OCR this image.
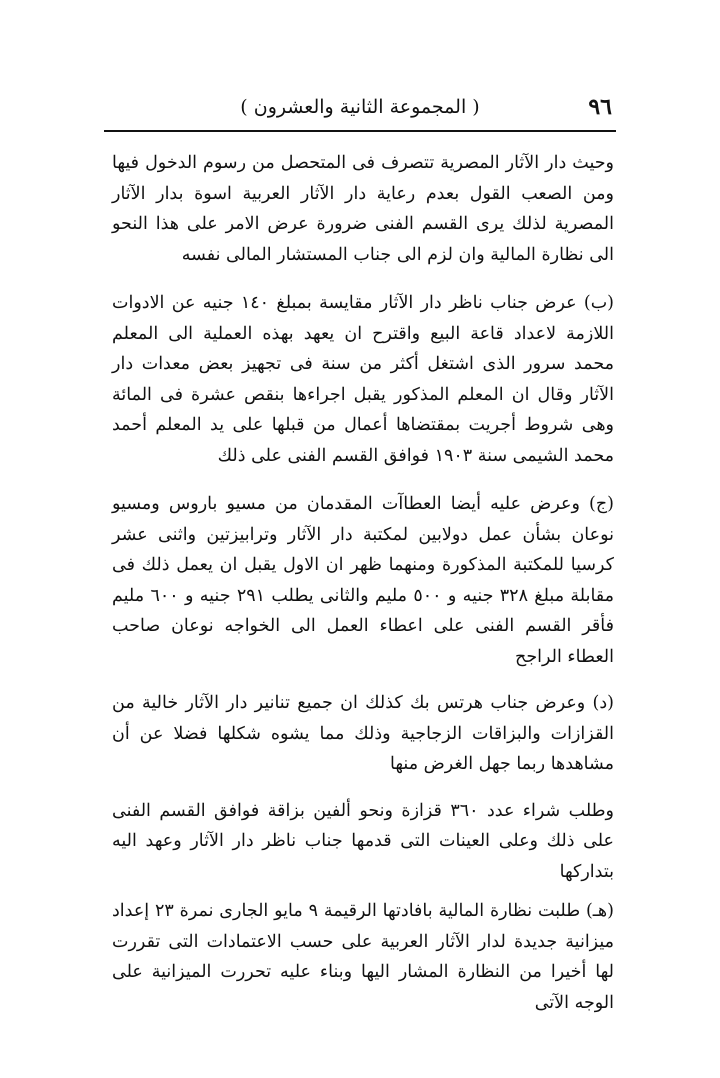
٩٦
( المجموعة الثانية والعشرون )

وحيث دار الآثار المصرية تتصرف فى المتحصل من رسوم الدخول فيها ومن الصعب القول بعدم رعاية دار الآثار العربية اسوة بدار الآثار المصرية لذلك يرى القسم الفنى ضرورة عرض الامر على هذا النحو الى نظارة المالية وان لزم الى جناب المستشار المالى نفسه

(ب) عرض جناب ناظر دار الآثار مقايسة بمبلغ ١٤٠ جنيه عن الادوات اللازمة لاعداد قاعة البيع واقترح ان يعهد بهذه العملية الى المعلم محمد سرور الذى اشتغل أكثر من سنة فى تجهيز بعض معدات دار الآثار وقال ان المعلم المذكور يقبل اجراءها بنقص عشرة فى المائة وهى شروط أجريت بمقتضاها أعمال من قبلها على يد المعلم أحمد محمد الشيمى سنة ١٩٠٣ فوافق القسم الفنى على ذلك

(ج) وعرض عليه أيضا العطاآت المقدمان من مسيو باروس ومسيو نوعان بشأن عمل دولابين لمكتبة دار الآثار وترابيزتين واثنى عشر كرسيا للمكتبة المذكورة ومنهما ظهر ان الاول يقبل ان يعمل ذلك فى مقابلة مبلغ ٣٢٨ جنيه و ٥٠٠ مليم والثانى يطلب ٢٩١ جنيه و ٦٠٠ مليم فأقر القسم الفنى على اعطاء العمل الى الخواجه نوعان صاحب العطاء الراجح

(د) وعرض جناب هرتس بك كذلك ان جميع تنانير دار الآثار خالية من القزازات والبزاقات الزجاجية وذلك مما يشوه شكلها فضلا عن أن مشاهدها ربما جهل الغرض منها

وطلب شراء عدد ٣٦٠ قزازة ونحو ألفين بزاقة فوافق القسم الفنى على ذلك وعلى العينات التى قدمها جناب ناظر دار الآثار وعهد اليه بتداركها

(هـ) طلبت نظارة المالية بافادتها الرقيمة ٩ مايو الجارى نمرة ٢٣ إعداد ميزانية جديدة لدار الآثار العربية على حسب الاعتمادات التى تقررت لها أخيرا من النظارة المشار اليها وبناء عليه تحررت الميزانية على الوجه الآتى
